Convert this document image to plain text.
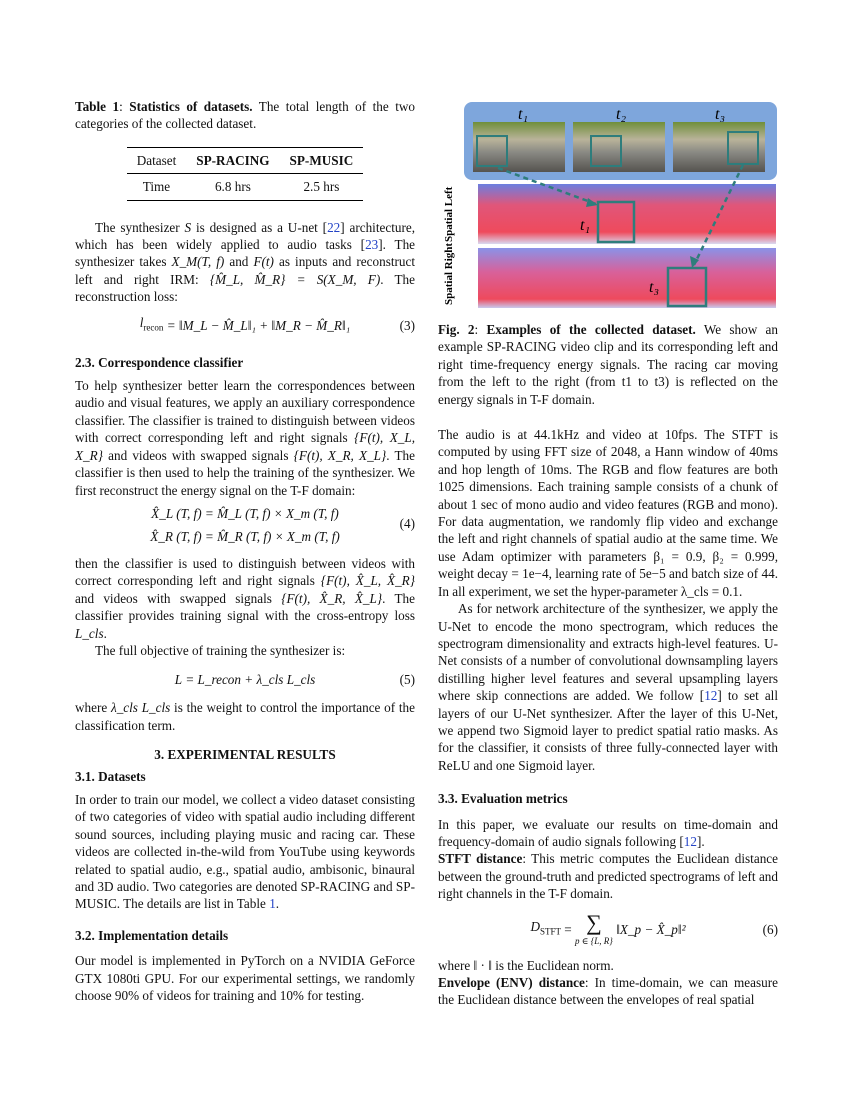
Table 1: Statistics of datasets. The total length of the two categories of the collected dataset.

Dataset	SP-RACING	SP-MUSIC
Time	6.8 hrs	2.5 hrs

The synthesizer S is designed as a U-net [22] architecture, which has been widely applied to audio tasks [23]. The synthesizer takes X_M(T, f) and F(t) as inputs and reconstruct left and right IRM: {M̂_L, M̂_R} = S(X_M, F). The reconstruction loss:

$l_{recon}$
= ‖M_L − M̂_L‖₁ + ‖M_R − M̂_R‖₁	(3)

2.3. Correspondence classifier

To help synthesizer better learn the correspondences between audio and visual features, we apply an auxiliary correspondence classifier. The classifier is trained to distinguish between videos with correct corresponding left and right signals {F(t), X_L, X_R} and videos with swapped signals {F(t), X_R, X_L}. The classifier is then used to help the training of the synthesizer. We first reconstruct the energy signal on the T-F domain:

X̂_L (T, f) = M̂_L (T, f) × X_m (T, f)
X̂_R (T, f) = M̂_R (T, f) × X_m (T, f)
(4)

then the classifier is used to distinguish between videos with correct corresponding left and right signals {F(t), X̂_L, X̂_R} and videos with swapped signals {F(t), X̂_R, X̂_L}. The classifier provides training signal with the cross-entropy loss L_cls.

The full objective of training the synthesizer is:

L
= L_recon + λ_cls L_cls	(5)

where λ_cls L_cls is the weight to control the importance of the classification term.

3. EXPERIMENTAL RESULTS

3.1. Datasets

In order to train our model, we collect a video dataset consisting of two categories of video with spatial audio including different sound sources, including playing music and racing car. These videos are collected in-the-wild from YouTube using keywords related to spatial audio, e.g., spatial audio, ambisonic, binaural and 3D audio. Two categories are denoted SP-RACING and SP-MUSIC. The details are list in Table 1.

3.2. Implementation details

Our model is implemented in PyTorch on a NVIDIA GeForce GTX 1080ti GPU. For our experimental settings, we randomly choose 90% of videos for training and 10% for testing.

t₁	t₂	t₃
Spatial Left
Spatial Right
t₁
t₃

Fig. 2: Examples of the collected dataset. We show an example SP-RACING video clip and its corresponding left and right time-frequency energy signals. The racing car moving from the left to the right (from t1 to t3) is reflected on the energy signals in T-F domain.

The audio is at 44.1kHz and video at 10fps. The STFT is computed by using FFT size of 2048, a Hann window of 40ms and hop length of 10ms. The RGB and flow features are both 1025 dimensions. Each training sample consists of a chunk of about 1 sec of mono audio and video features (RGB and mono). For data augmentation, we randomly flip video and exchange the left and right channels of spatial audio at the same time. We use Adam optimizer with parameters β₁ = 0.9, β₂ = 0.999, weight decay = 1e−4, learning rate of 5e−5 and batch size of 44. In all experiment, we set the hyper-parameter λ_cls = 0.1.

As for network architecture of the synthesizer, we apply the U-Net to encode the mono spectrogram, which reduces the spectrogram dimensionality and extracts high-level features. U-Net consists of a number of convolutional downsampling layers distilling higher level features and several upsampling layers where skip connections are added. We follow [12] to set all layers of our U-Net synthesizer. After the layer of this U-Net, we append two Sigmoid layer to predict spatial ratio masks. As for the classifier, it consists of three fully-connected layer with ReLU and one Sigmoid layer.

3.3. Evaluation metrics

In this paper, we evaluate our results on time-domain and frequency-domain of audio signals following [12].

STFT distance: This metric computes the Euclidean distance between the ground-truth and predicted spectrograms of left and right channels in the T-F domain.

$D_{STFT}$
=
∑
p ∈ {L, R}

‖X_p − X̂_p‖²	(6)

where ‖ · ‖ is the Euclidean norm.

Envelope (ENV) distance: In time-domain, we can measure the Euclidean distance between the envelopes of real spatial
